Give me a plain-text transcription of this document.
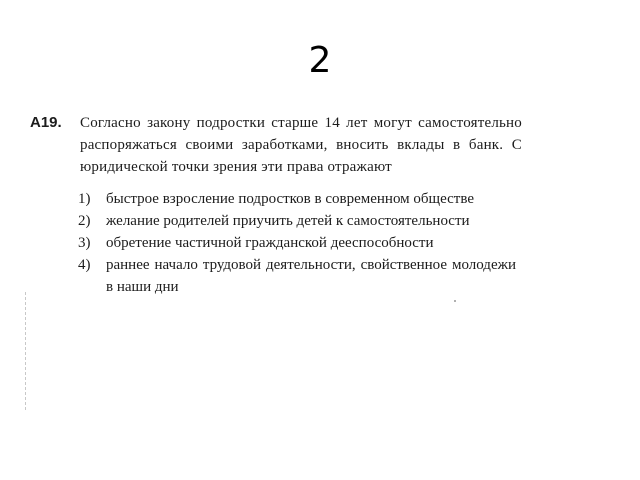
2
А19.	Согласно закону подростки старше 14 лет могут самостоятельно распоряжаться своими заработками, вносить вклады в банк. С юридической точки зрения эти права отражают
1)	быстрое взросление подростков в современном обществе
2)	желание родителей приучить детей к самостоятельности
3)	обретение частичной гражданской дееспособности
4)	раннее начало трудовой деятельности, свойственное молодежи в наши дни
